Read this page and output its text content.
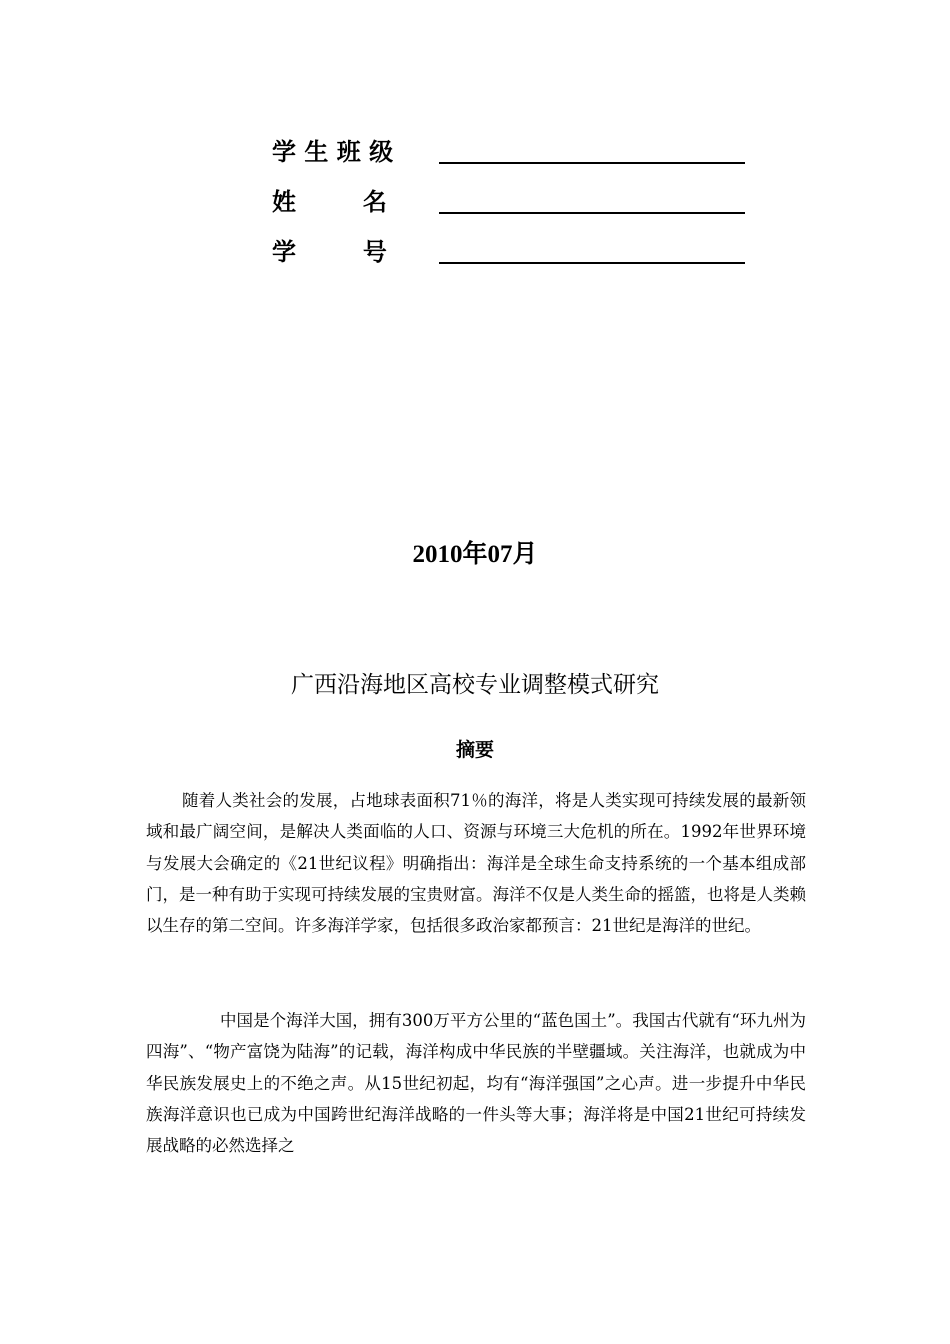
学 生 班 级
姓        名
学        号
2010年07月
广西沿海地区高校专业调整模式研究
摘要

随着人类社会的发展，占地球表面积71％的海洋，将是人类实现可持续发展的最新领域和最广阔空间，是解决人类面临的人口、资源与环境三大危机的所在。1992年世界环境与发展大会确定的《21世纪议程》明确指出：海洋是全球生命支持系统的一个基本组成部门，是一种有助于实现可持续发展的宝贵财富。海洋不仅是人类生命的摇篮，也将是人类赖以生存的第二空间。许多海洋学家，包括很多政治家都预言：21世纪是海洋的世纪。

中国是个海洋大国，拥有300万平方公里的“蓝色国土”。我国古代就有“环九州为四海”、“物产富饶为陆海”的记载，海洋构成中华民族的半壁疆域。关注海洋，也就成为中华民族发展史上的不绝之声。从15世纪初起，均有“海洋强国”之心声。进一步提升中华民族海洋意识也已成为中国跨世纪海洋战略的一件头等大事；海洋将是中国21世纪可持续发展战略的必然选择之
